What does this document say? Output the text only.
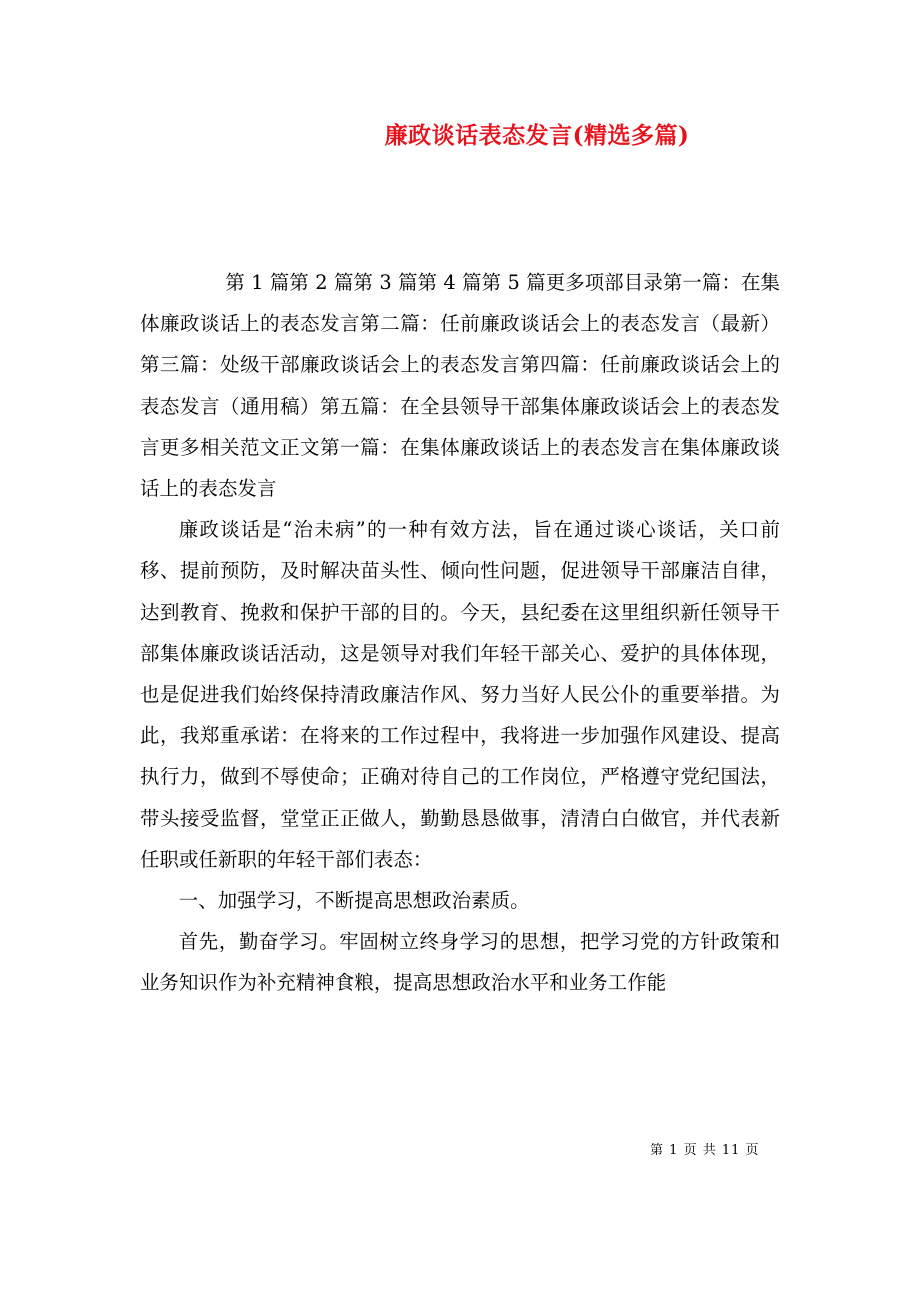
廉政谈话表态发言(精选多篇)

第 1 篇第 2 篇第 3 篇第 4 篇第 5 篇更多项部目录第一篇：在集体廉政谈话上的表态发言第二篇：任前廉政谈话会上的表态发言（最新）第三篇：处级干部廉政谈话会上的表态发言第四篇：任前廉政谈话会上的表态发言（通用稿）第五篇：在全县领导干部集体廉政谈话会上的表态发言更多相关范文正文第一篇：在集体廉政谈话上的表态发言在集体廉政谈话上的表态发言

廉政谈话是“治未病”的一种有效方法，旨在通过谈心谈话，关口前移、提前预防，及时解决苗头性、倾向性问题，促进领导干部廉洁自律，达到教育、挽救和保护干部的目的。今天，县纪委在这里组织新任领导干部集体廉政谈话活动，这是领导对我们年轻干部关心、爱护的具体体现，也是促进我们始终保持清政廉洁作风、努力当好人民公仆的重要举措。为此，我郑重承诺：在将来的工作过程中，我将进一步加强作风建设、提高执行力，做到不辱使命；正确对待自己的工作岗位，严格遵守党纪国法，带头接受监督，堂堂正正做人，勤勤恳恳做事，清清白白做官，并代表新任职或任新职的年轻干部们表态：

一、加强学习，不断提高思想政治素质。

首先，勤奋学习。牢固树立终身学习的思想，把学习党的方针政策和业务知识作为补充精神食粮，提高思想政治水平和业务工作能

第 1 页 共 11 页
